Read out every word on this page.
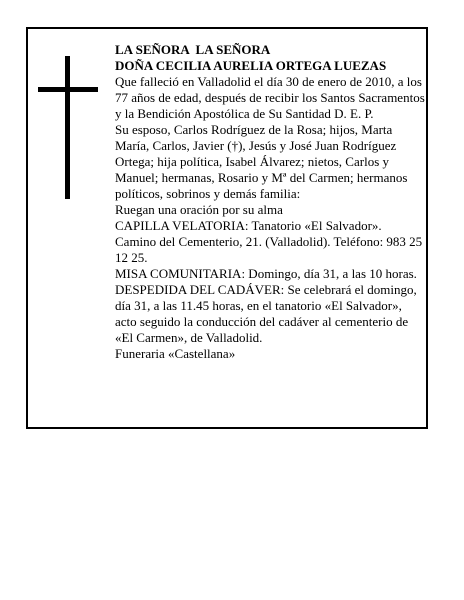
LA SEÑORA  LA SEÑORA

DOÑA CECILIA AURELIA ORTEGA LUEZAS

Que falleció en Valladolid el día 30 de enero de 2010, a los 77 años de edad, después de recibir los Santos Sacramentos y la Bendición Apostólica de Su Santidad D. E. P.

Su esposo, Carlos Rodríguez de la Rosa; hijos, Marta María, Carlos, Javier (†), Jesús y José Juan Rodríguez Ortega; hija política, Isabel Álvarez; nietos, Carlos y Manuel; hermanas, Rosario y Mª del Carmen; hermanos políticos, sobrinos y demás familia:

Ruegan una oración por su alma

CAPILLA VELATORIA: Tanatorio «El Salvador». Camino del Cementerio, 21. (Valladolid). Teléfono: 983 25 12 25.

MISA COMUNITARIA: Domingo, día 31, a las 10 horas.

DESPEDIDA DEL CADÁVER: Se celebrará el domingo, día 31, a las 11.45 horas, en el tanatorio «El Salvador», acto seguido la conducción del cadáver al cementerio de «El Carmen», de Valladolid.

Funeraria «Castellana»
